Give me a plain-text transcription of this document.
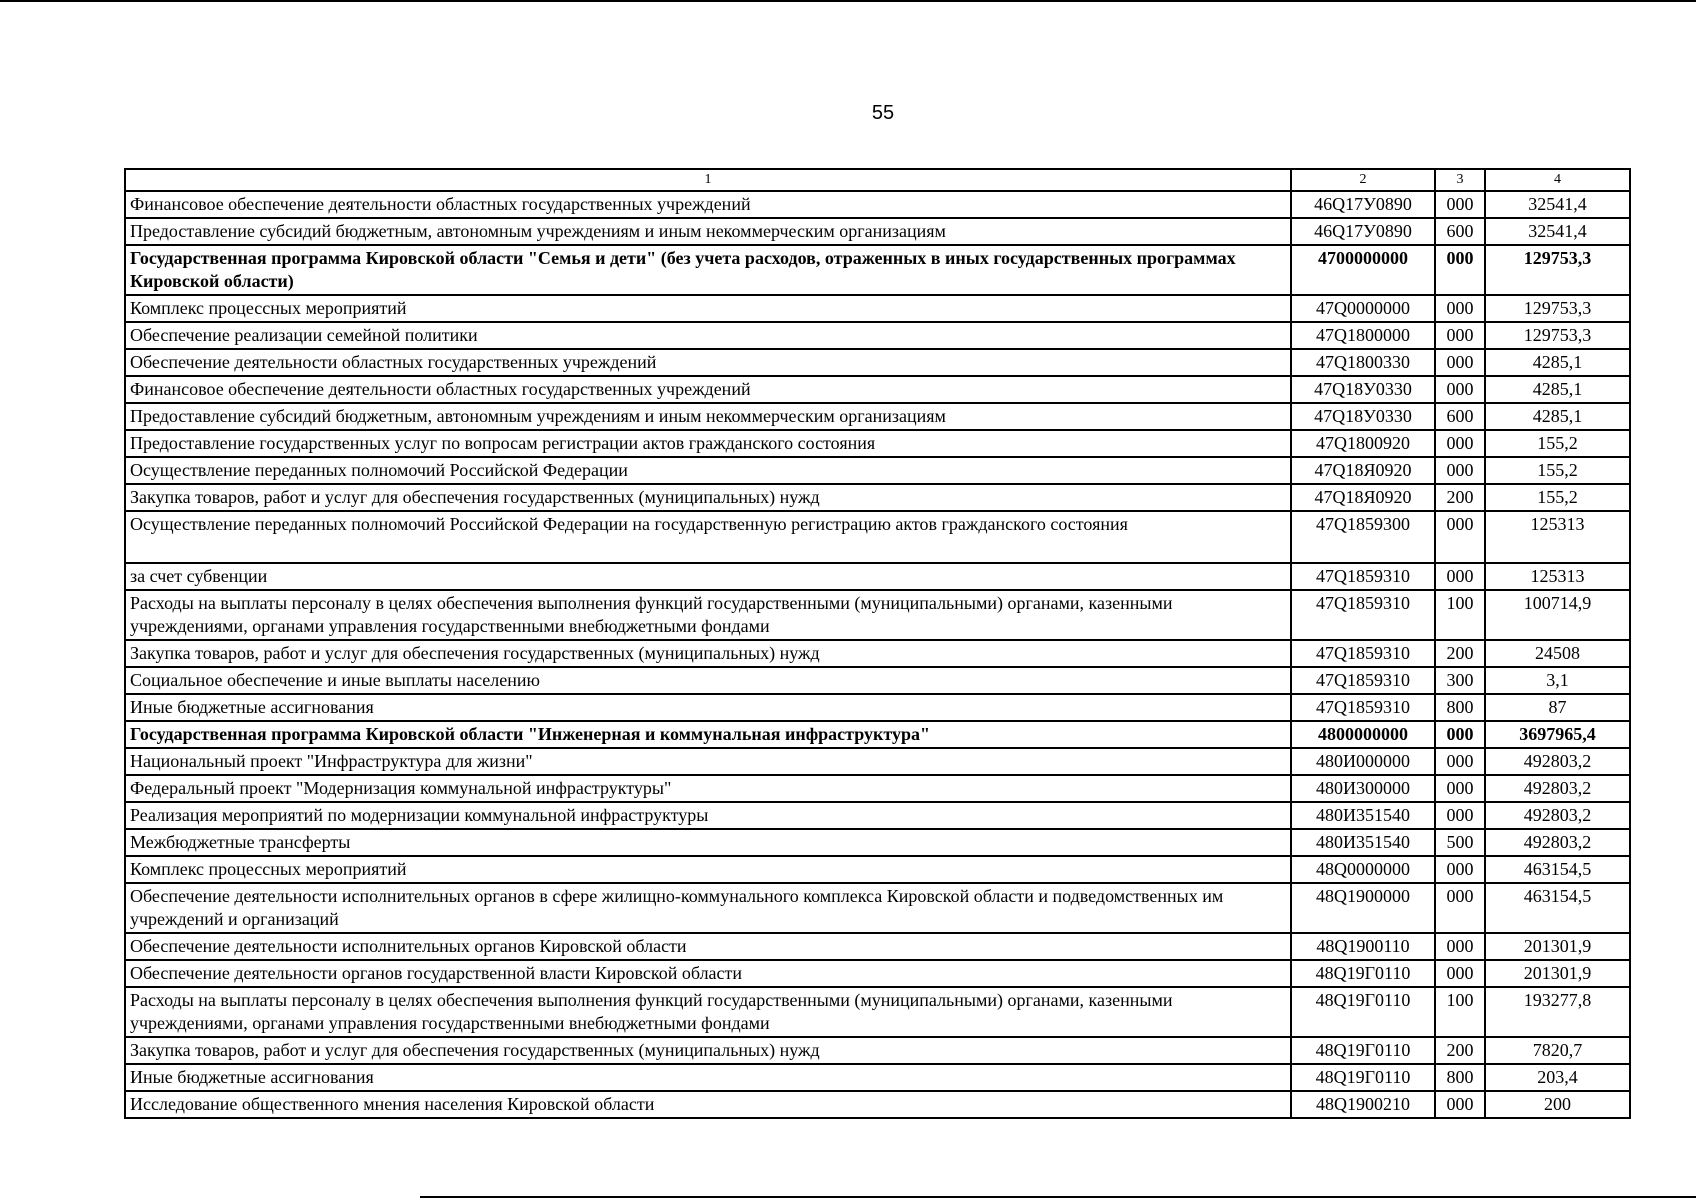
55
1	2	3	4
Финансовое обеспечение деятельности областных государственных учреждений	46Q17У0890	000	32541,4
Предоставление субсидий бюджетным, автономным учреждениям и иным некоммерческим организациям	46Q17У0890	600	32541,4
Государственная программа Кировской области "Семья и дети" (без учета расходов, отраженных в иных государственных программах Кировской области)	4700000000	000	129753,3
Комплекс процессных мероприятий	47Q0000000	000	129753,3
Обеспечение реализации семейной политики	47Q1800000	000	129753,3
Обеспечение деятельности областных государственных учреждений	47Q1800330	000	4285,1
Финансовое обеспечение деятельности областных государственных учреждений	47Q18У0330	000	4285,1
Предоставление субсидий бюджетным, автономным учреждениям и иным некоммерческим организациям	47Q18У0330	600	4285,1
Предоставление государственных услуг по вопросам регистрации актов гражданского состояния	47Q1800920	000	155,2
Осуществление переданных полномочий Российской Федерации	47Q18Я0920	000	155,2
Закупка товаров, работ и услуг для обеспечения государственных (муниципальных) нужд	47Q18Я0920	200	155,2
Осуществление переданных полномочий Российской Федерации на государственную регистрацию актов гражданского состояния	47Q1859300	000	125313
за счет субвенции	47Q1859310	000	125313
Расходы на выплаты персоналу в целях обеспечения выполнения функций государственными (муниципальными) органами, казенными учреждениями, органами управления государственными внебюджетными фондами	47Q1859310	100	100714,9
Закупка товаров, работ и услуг для обеспечения государственных (муниципальных) нужд	47Q1859310	200	24508
Социальное обеспечение и иные выплаты населению	47Q1859310	300	3,1
Иные бюджетные ассигнования	47Q1859310	800	87
Государственная программа Кировской области "Инженерная и коммунальная инфраструктура"	4800000000	000	3697965,4
Национальный проект "Инфраструктура для жизни"	480И000000	000	492803,2
Федеральный проект "Модернизация коммунальной инфраструктуры"	480И300000	000	492803,2
Реализация мероприятий по модернизации коммунальной инфраструктуры	480И351540	000	492803,2
Межбюджетные трансферты	480И351540	500	492803,2
Комплекс процессных мероприятий	48Q0000000	000	463154,5
Обеспечение деятельности исполнительных органов в сфере жилищно-коммунального комплекса Кировской области и подведомственных им учреждений и организаций	48Q1900000	000	463154,5
Обеспечение деятельности исполнительных органов Кировской области	48Q1900110	000	201301,9
Обеспечение деятельности органов государственной власти Кировской области	48Q19Г0110	000	201301,9
Расходы на выплаты персоналу в целях обеспечения выполнения функций государственными (муниципальными) органами, казенными учреждениями, органами управления государственными внебюджетными фондами	48Q19Г0110	100	193277,8
Закупка товаров, работ и услуг для обеспечения государственных (муниципальных) нужд	48Q19Г0110	200	7820,7
Иные бюджетные ассигнования	48Q19Г0110	800	203,4
Исследование общественного мнения населения Кировской области	48Q1900210	000	200
